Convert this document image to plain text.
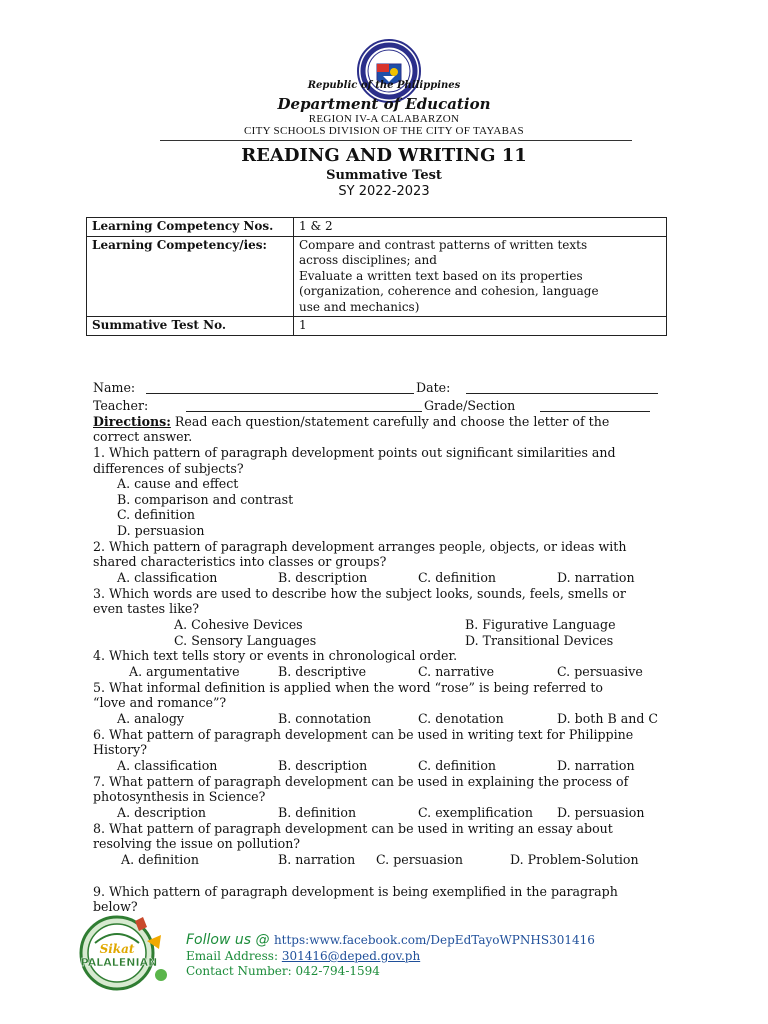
Republic of the Philippines
Department of Education
REGION IV-A CALABARZON
CITY SCHOOLS DIVISION OF THE CITY OF TAYABAS
READING AND WRITING 11
Summative Test
SY 2022-2023
Learning Competency Nos.	1 & 2
Learning Competency/ies:	Compare and contrast patterns of written texts
across disciplines; and
Evaluate a written text based on its properties
(organization, coherence and cohesion, language
use and mechanics)

Summative Test No.	1
Name:	Date:
Teacher:	Grade/Section
Directions: Read each question/statement carefully and choose the letter of the
correct answer.
1. Which pattern of paragraph development points out significant similarities and
differences of subjects?
A. cause and effect
B. comparison and contrast
C. definition
D. persuasion
2. Which pattern of paragraph development arranges people, objects, or ideas with
shared characteristics into classes or groups?
A. classification	B. description	C. definition	D. narration
3. Which words are used to describe how the subject looks, sounds, feels, smells or
even tastes like?
A. Cohesive Devices	B. Figurative Language
C. Sensory Languages	D. Transitional Devices
4. Which text tells story or events in chronological order.
A. argumentative	B. descriptive	C. narrative	C. persuasive
5. What informal definition is applied when the word “rose” is being referred to
“love and romance”?
A. analogy	B. connotation	C. denotation	D. both B and C
6. What pattern of paragraph development can be used in writing text for Philippine
History?
A. classification	B. description	C. definition	D. narration
7. What pattern of paragraph development can be used in explaining the process of
photosynthesis in Science?
A. description	B. definition	C. exemplification D. persuasion
8. What pattern of paragraph development can be used in writing an essay about
resolving the issue on pollution?
A. definition	B. narration C. persuasion	D. Problem-Solution
9. Which pattern of paragraph development is being exemplified in the paragraph
below?
Sikat
PALALENIAN
Follow us @ https:www.facebook.com/DepEdTayoWPNHS301416
Email Address: 301416@deped.gov.ph
Contact Number: 042-794-1594
